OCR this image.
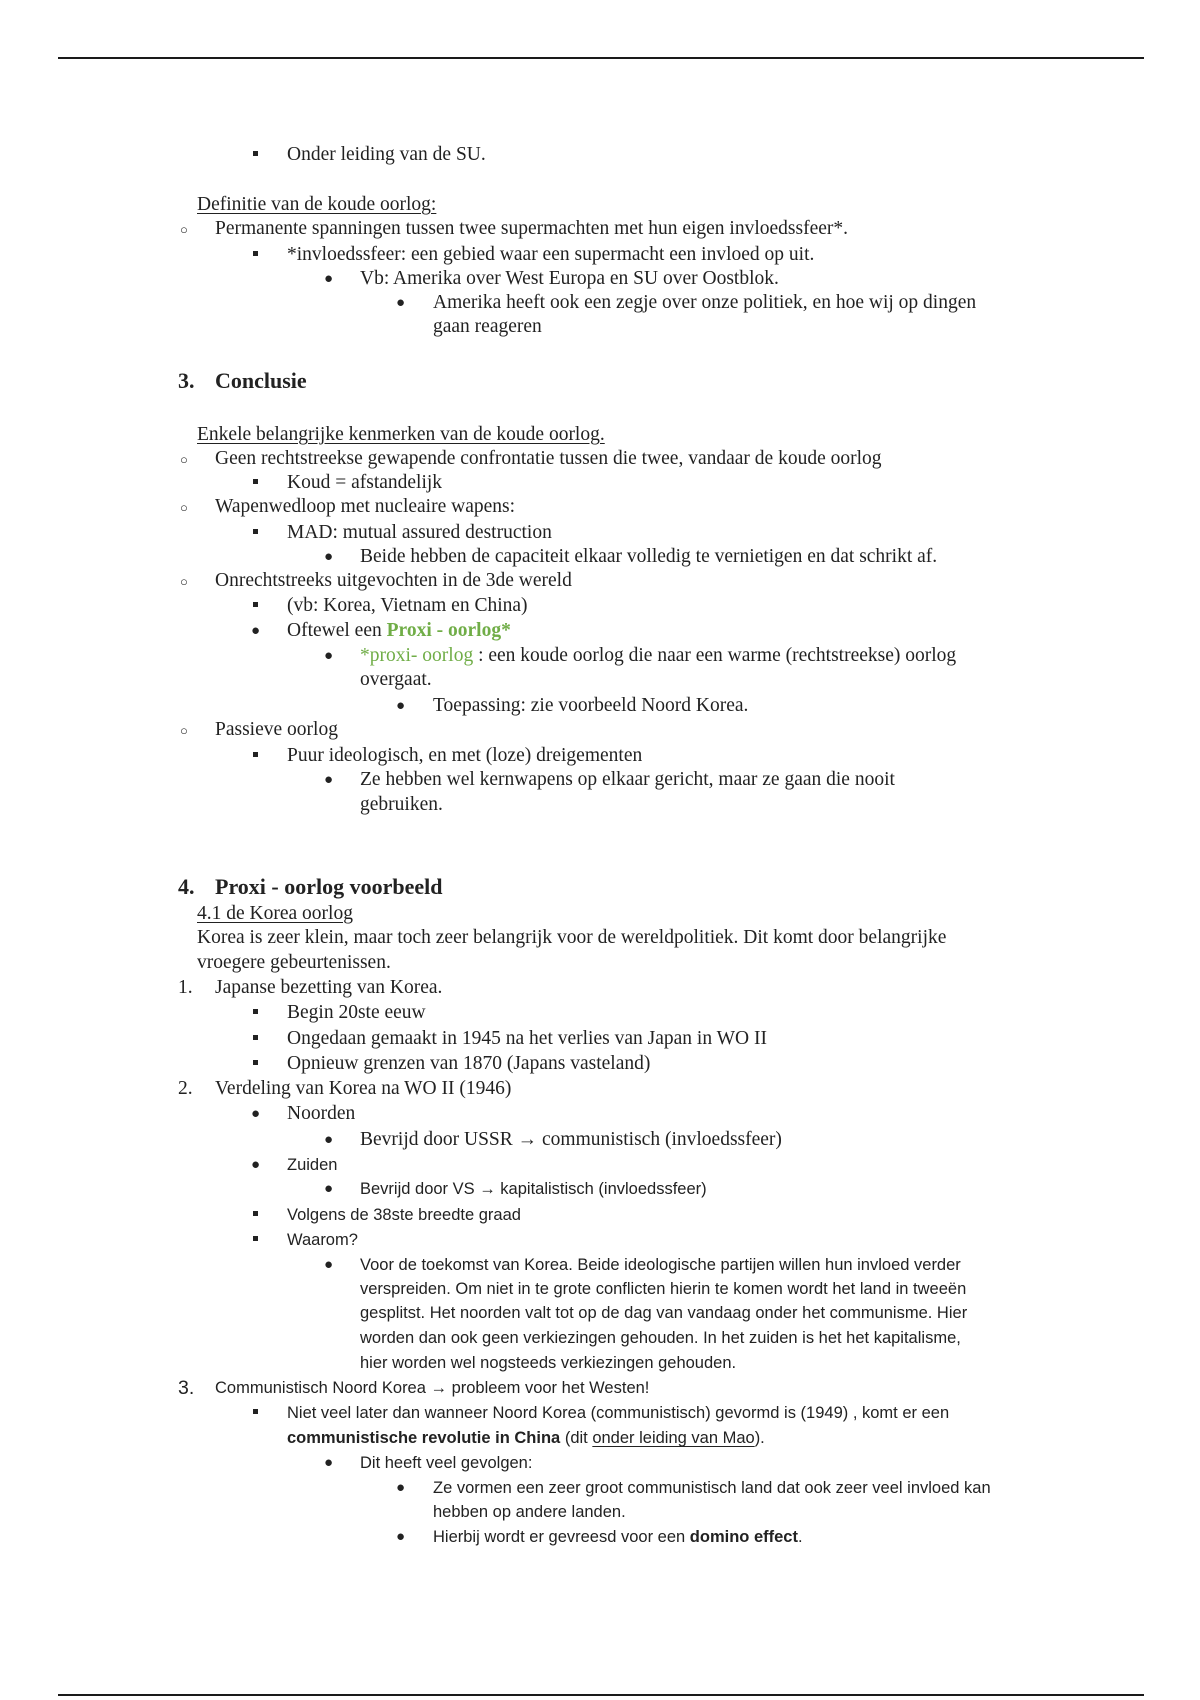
Onder leiding van de SU.
Definitie van de koude oorlog:
○ Permanente spanningen tussen twee supermachten met hun eigen invloedssfeer*.
*invloedssfeer: een gebied waar een supermacht een invloed op uit.
● Vb: Amerika over West Europa en SU over Oostblok.
● Amerika heeft ook een zegje over onze politiek, en hoe wij op dingen
gaan reageren
3. Conclusie
Enkele belangrijke kenmerken van de koude oorlog.
○ Geen rechtstreekse gewapende confrontatie tussen die twee, vandaar de koude oorlog
Koud = afstandelijk
○ Wapenwedloop met nucleaire wapens:
MAD: mutual assured destruction
● Beide hebben de capaciteit elkaar volledig te vernietigen en dat schrikt af.
○ Onrechtstreeks uitgevochten in de 3de wereld
(vb: Korea, Vietnam en China)
● Oftewel een Proxi - oorlog*
● *proxi- oorlog : een koude oorlog die naar een warme (rechtstreekse) oorlog
overgaat.
● Toepassing: zie voorbeeld Noord Korea.
○ Passieve oorlog
Puur ideologisch, en met (loze) dreigementen
● Ze hebben wel kernwapens op elkaar gericht, maar ze gaan die nooit
gebruiken.
4. Proxi - oorlog voorbeeld
4.1 de Korea oorlog
Korea is zeer klein, maar toch zeer belangrijk voor de wereldpolitiek. Dit komt door belangrijke
vroegere gebeurtenissen.
1. Japanse bezetting van Korea.
Begin 20ste eeuw
Ongedaan gemaakt in 1945 na het verlies van Japan in WO II
Opnieuw grenzen van 1870 (Japans vasteland)
2. Verdeling van Korea na WO II (1946)
● Noorden
● Bevrijd door USSR → communistisch (invloedssfeer)
● Zuiden
● Bevrijd door VS → kapitalistisch (invloedssfeer)
Volgens de 38ste breedte graad
Waarom?
● Voor de toekomst van Korea. Beide ideologische partijen willen hun invloed verder
verspreiden. Om niet in te grote conflicten hierin te komen wordt het land in tweeën
gesplitst. Het noorden valt tot op de dag van vandaag onder het communisme. Hier
worden dan ook geen verkiezingen gehouden. In het zuiden is het het kapitalisme,
hier worden wel nogsteeds verkiezingen gehouden.
3. Communistisch Noord Korea → probleem voor het Westen!
Niet veel later dan wanneer Noord Korea (communistisch) gevormd is (1949) , komt er een
communistische revolutie in China (dit onder leiding van Mao).
● Dit heeft veel gevolgen:
● Ze vormen een zeer groot communistisch land dat ook zeer veel invloed kan
hebben op andere landen.
● Hierbij wordt er gevreesd voor een domino effect.
